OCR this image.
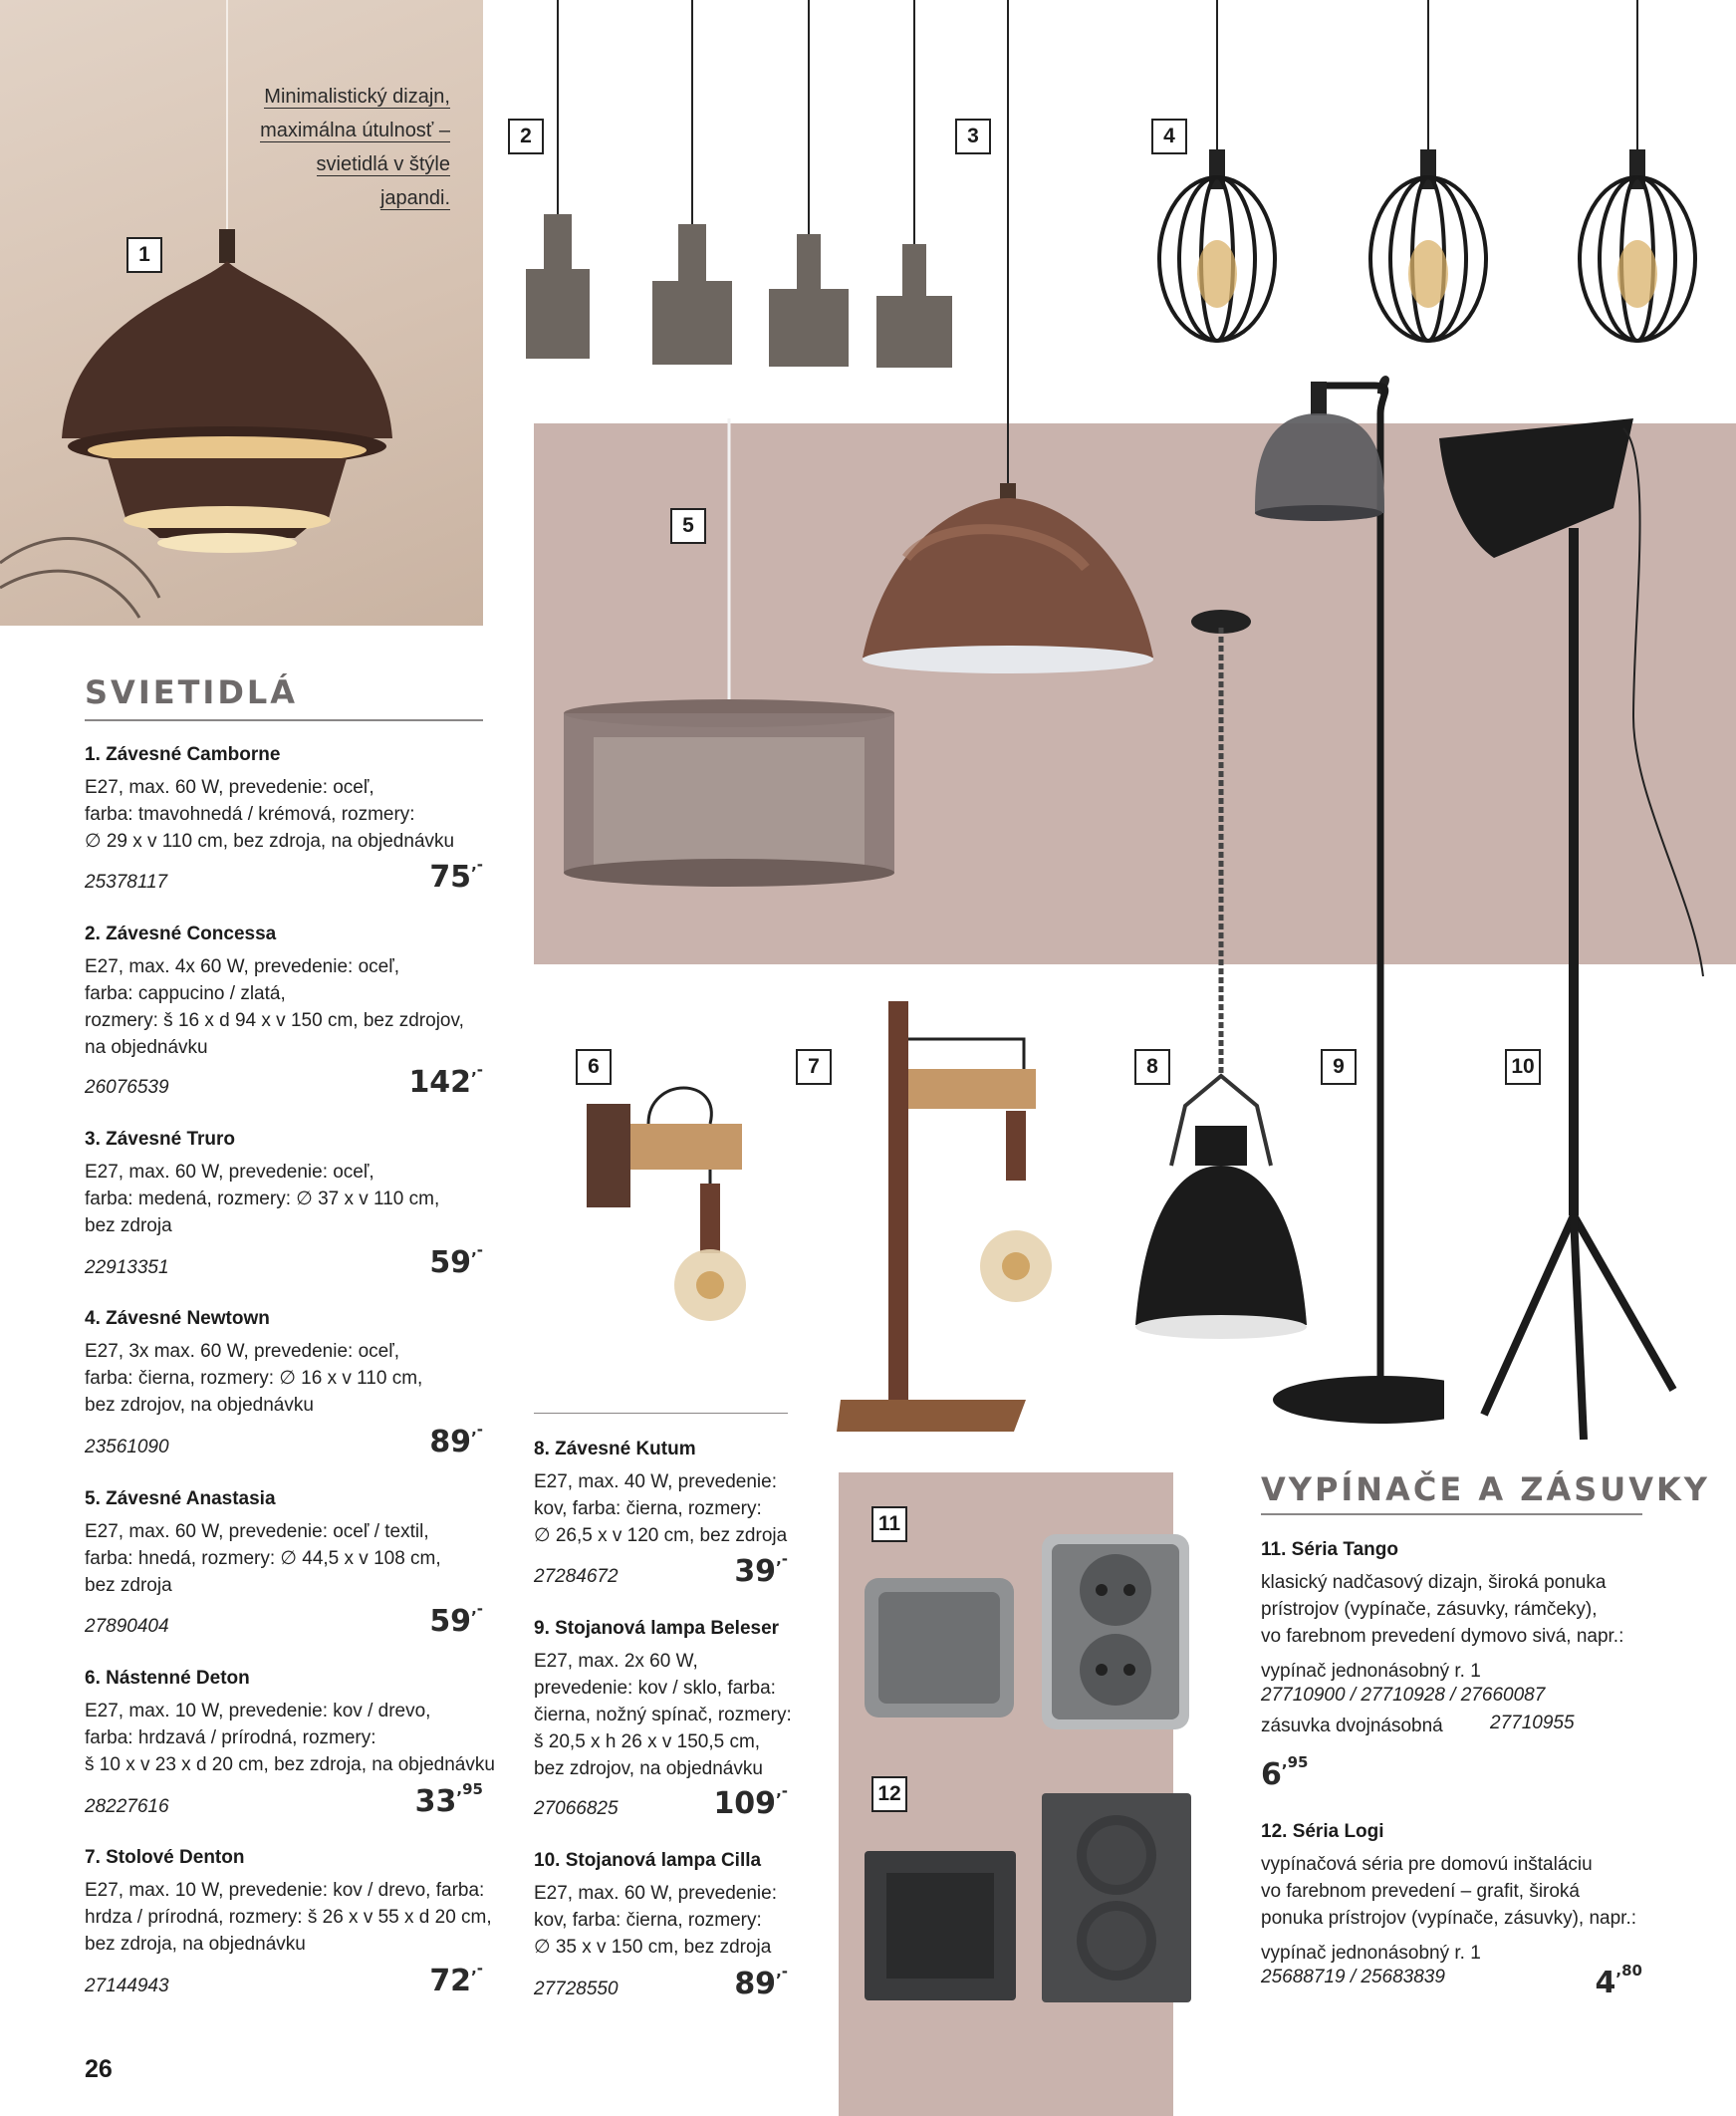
Minimalistický dizajn, maximálna útulnosť – svietidlá v štýle japandi.
1
2	3	4
5
6	7	8	9	10
11
12
SVIETIDLÁ
1. Závesné Camborne
E27, max. 60 W, prevedenie: oceľ,
farba: tmavohnedá / krémová, rozmery:
∅ 29 x v 110 cm, bez zdroja, na objednávku
25378117	75,-
2. Závesné Concessa
E27, max. 4x 60 W, prevedenie: oceľ,
farba: cappucino / zlatá,
rozmery: š 16 x d 94 x v 150 cm, bez zdrojov,
na objednávku
26076539	142,-
3. Závesné Truro
E27, max. 60 W, prevedenie: oceľ,
farba: medená, rozmery: ∅ 37 x v 110 cm,
bez zdroja
22913351	59,-
4. Závesné Newtown
E27, 3x max. 60 W, prevedenie: oceľ,
farba: čierna, rozmery: ∅ 16 x v 110 cm,
bez zdrojov, na objednávku
23561090	89,-
5. Závesné Anastasia
E27, max. 60 W, prevedenie: oceľ / textil,
farba: hnedá, rozmery: ∅ 44,5 x v 108 cm,
bez zdroja
27890404	59,-
6. Nástenné Deton
E27, max. 10 W, prevedenie: kov / drevo,
farba: hrdzavá / prírodná, rozmery:
š 10 x v 23 x d 20 cm, bez zdroja, na objednávku
28227616	$33^{,95}$
7. Stolové Denton
E27, max. 10 W, prevedenie: kov / drevo, farba:
hrdza / prírodná, rozmery: š 26 x v 55 x d 20 cm,
bez zdroja, na objednávku
27144943	72,-
8. Závesné Kutum
E27, max. 40 W, prevedenie:
kov, farba: čierna, rozmery:
∅ 26,5 x v 120 cm, bez zdroja
27284672	39,-
9. Stojanová lampa Beleser
E27, max. 2x 60 W,
prevedenie: kov / sklo, farba:
čierna, nožný spínač, rozmery:
š 20,5 x h 26 x v 150,5 cm,
bez zdrojov, na objednávku
27066825	109,-
10. Stojanová lampa Cilla
E27, max. 60 W, prevedenie:
kov, farba: čierna, rozmery:
∅ 35 x v 150 cm, bez zdroja
27728550	89,-
VYPÍNAČE A ZÁSUVKY
11. Séria Tango
klasický nadčasový dizajn, široká ponuka
prístrojov (vypínače, zásuvky, rámčeky),
vo farebnom prevedení dymovo sivá, napr.:
vypínač jednonásobný r. 1
27710900 / 27710928 / 27660087
zásuvka dvojnásobná 27710955
$6^{,95}$
12. Séria Logi
vypínačová séria pre domovú inštaláciu
vo farebnom prevedení – grafit, široká
ponuka prístrojov (vypínače, zásuvky), napr.:
vypínač jednonásobný r. 1
25688719 / 25683839	$4^{,80}$
26
